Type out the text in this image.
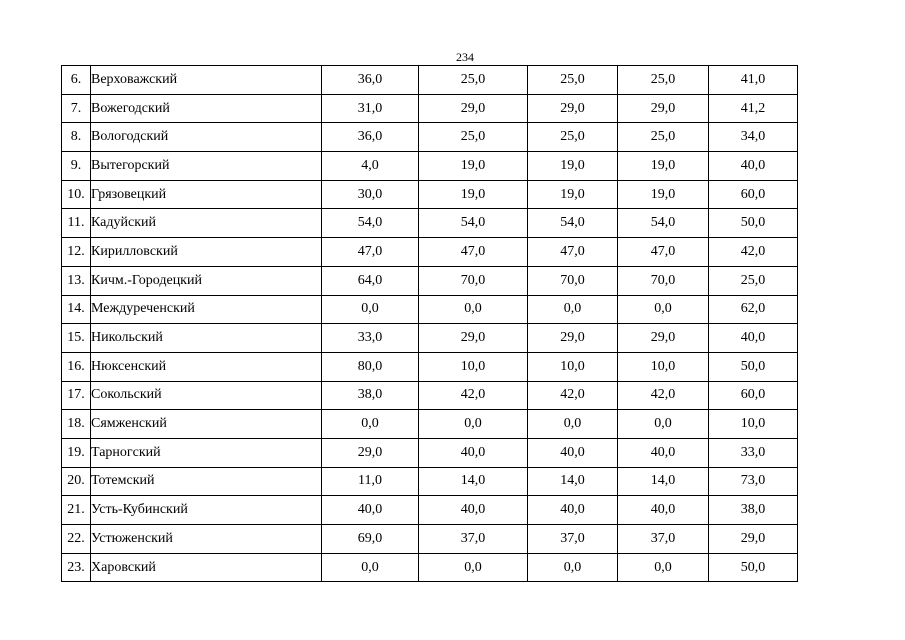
234
6.	Верховажский	36,0	25,0	25,0	25,0	41,0
7.	Вожегодский	31,0	29,0	29,0	29,0	41,2
8.	Вологодский	36,0	25,0	25,0	25,0	34,0
9.	Вытегорский	4,0	19,0	19,0	19,0	40,0
10.	Грязовецкий	30,0	19,0	19,0	19,0	60,0
11.	Кадуйский	54,0	54,0	54,0	54,0	50,0
12.	Кирилловский	47,0	47,0	47,0	47,0	42,0
13.	Кичм.-Городецкий	64,0	70,0	70,0	70,0	25,0
14.	Междуреченский	0,0	0,0	0,0	0,0	62,0
15.	Никольский	33,0	29,0	29,0	29,0	40,0
16.	Нюксенский	80,0	10,0	10,0	10,0	50,0
17.	Сокольский	38,0	42,0	42,0	42,0	60,0
18.	Сямженский	0,0	0,0	0,0	0,0	10,0
19.	Тарногский	29,0	40,0	40,0	40,0	33,0
20.	Тотемский	11,0	14,0	14,0	14,0	73,0
21.	Усть-Кубинский	40,0	40,0	40,0	40,0	38,0
22.	Устюженский	69,0	37,0	37,0	37,0	29,0
23.	Харовский	0,0	0,0	0,0	0,0	50,0
